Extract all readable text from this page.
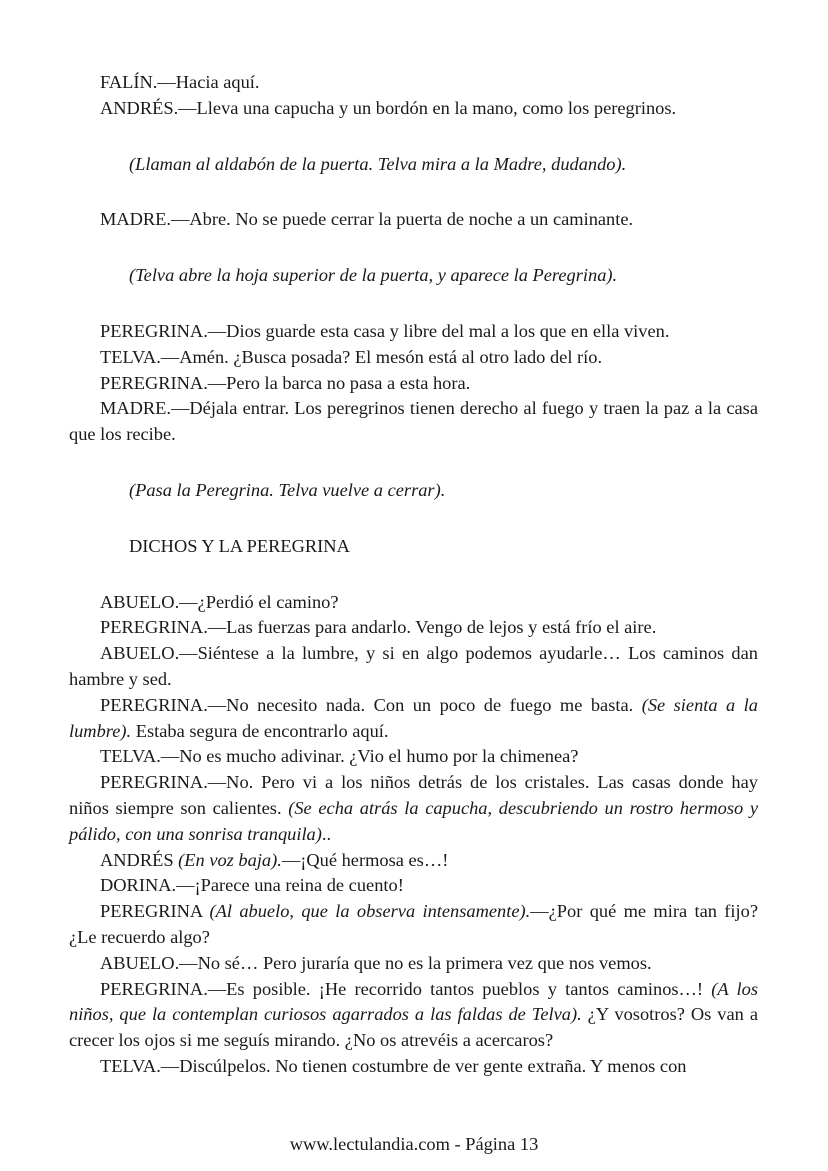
FALÍN.—Hacia aquí.

ANDRÉS.—Lleva una capucha y un bordón en la mano, como los peregrinos.

(Llaman al aldabón de la puerta. Telva mira a la Madre, dudando).

MADRE.—Abre. No se puede cerrar la puerta de noche a un caminante.

(Telva abre la hoja superior de la puerta, y aparece la Peregrina).

PEREGRINA.—Dios guarde esta casa y libre del mal a los que en ella viven.

TELVA.—Amén. ¿Busca posada? El mesón está al otro lado del río.

PEREGRINA.—Pero la barca no pasa a esta hora.

MADRE.—Déjala entrar. Los peregrinos tienen derecho al fuego y traen la paz a la casa que los recibe.

(Pasa la Peregrina. Telva vuelve a cerrar).

DICHOS Y LA PEREGRINA

ABUELO.—¿Perdió el camino?

PEREGRINA.—Las fuerzas para andarlo. Vengo de lejos y está frío el aire.

ABUELO.—Siéntese a la lumbre, y si en algo podemos ayudarle… Los caminos dan hambre y sed.

PEREGRINA.—No necesito nada. Con un poco de fuego me basta. (Se sienta a la lumbre). Estaba segura de encontrarlo aquí.

TELVA.—No es mucho adivinar. ¿Vio el humo por la chimenea?

PEREGRINA.—No. Pero vi a los niños detrás de los cristales. Las casas donde hay niños siempre son calientes. (Se echa atrás la capucha, descubriendo un rostro hermoso y pálido, con una sonrisa tranquila)..

ANDRÉS (En voz baja).—¡Qué hermosa es…!

DORINA.—¡Parece una reina de cuento!

PEREGRINA (Al abuelo, que la observa intensamente).—¿Por qué me mira tan fijo? ¿Le recuerdo algo?

ABUELO.—No sé… Pero juraría que no es la primera vez que nos vemos.

PEREGRINA.—Es posible. ¡He recorrido tantos pueblos y tantos caminos…! (A los niños, que la contemplan curiosos agarrados a las faldas de Telva). ¿Y vosotros? Os van a crecer los ojos si me seguís mirando. ¿No os atrevéis a acercaros?

TELVA.—Discúlpelos. No tienen costumbre de ver gente extraña. Y menos con

www.lectulandia.com - Página 13
